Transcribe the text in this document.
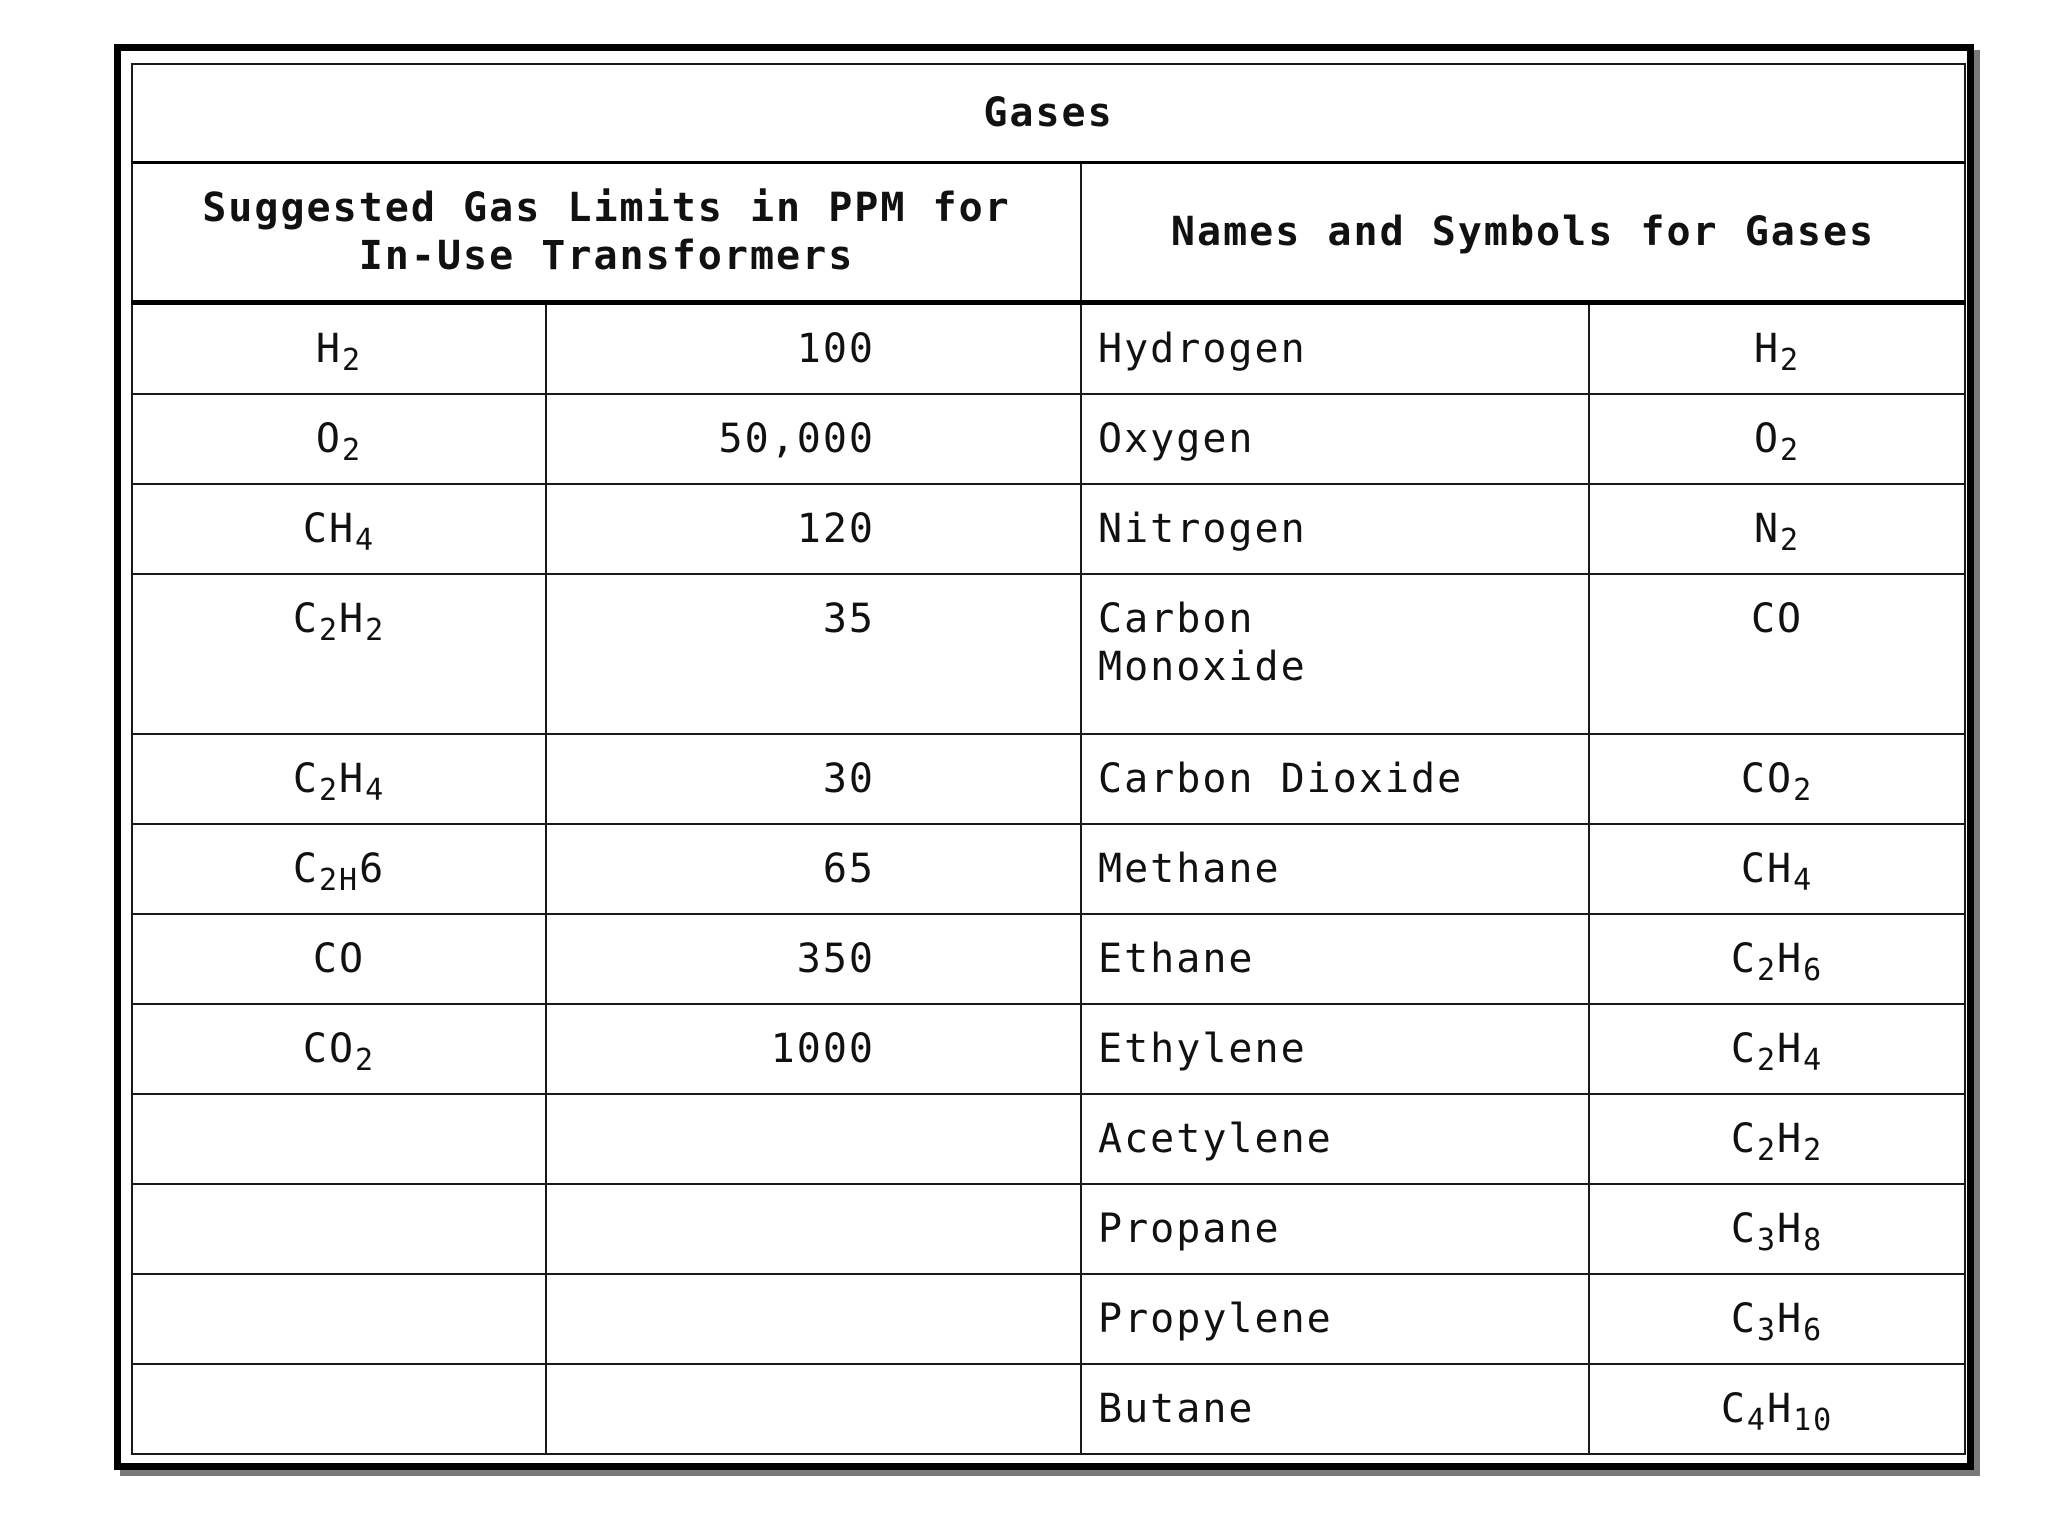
Gases			
Suggested Gas Limits in PPM for In-Use Transformers		Names and Symbols for Gases	
$H_2$	100	Hydrogen	$H_2$
$O_2$	50,000	Oxygen	$O_2$
$CH_4$	120	Nitrogen	$N_2$
$C_2H_2$	35	Carbon Monoxide	CO
$C_2H_4$	30	Carbon Dioxide	$CO_2$
$C_{2H}6$	65	Methane	$CH_4$
CO	350	Ethane	$C_2H_6$
$CO_2$	1000	Ethylene	$C_2H_4$
		Acetylene	$C_2H_2$
		Propane	$C_3H_8$
		Propylene	$C_3H_6$
		Butane	$C_4H_{10}$
